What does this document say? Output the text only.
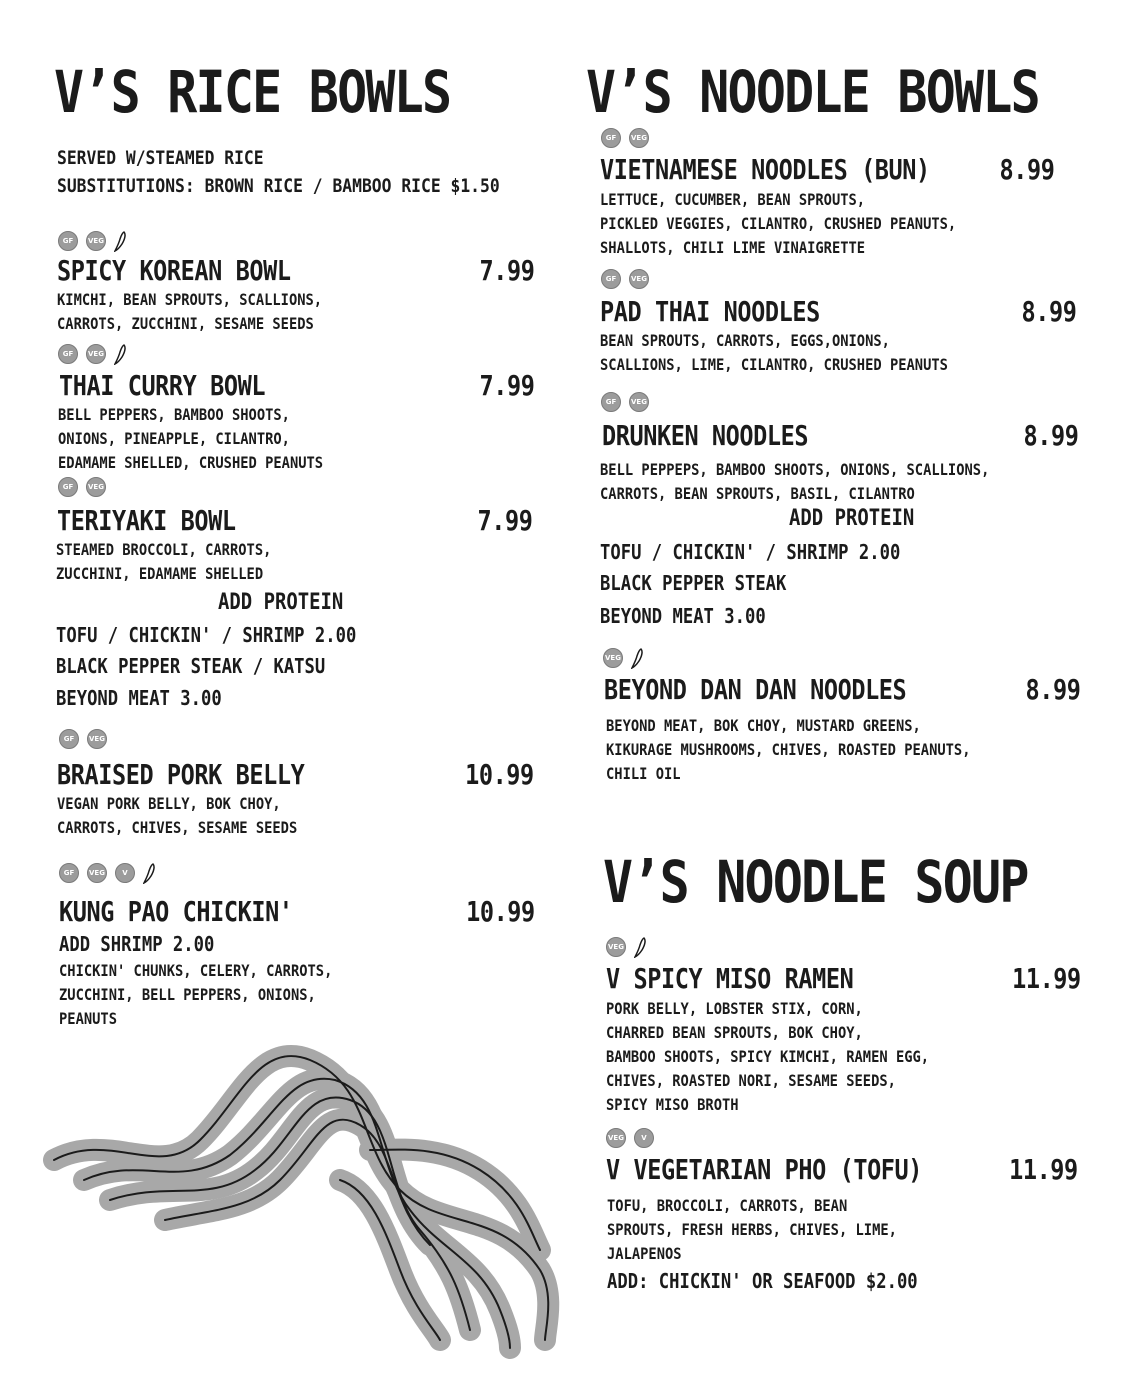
V’S RICE BOWLS
SERVED W/STEAMED RICE
SUBSTITUTIONS: BROWN RICE / BAMBOO RICE $1.50
GF	VEG
SPICY KOREAN BOWL	7.99
KIMCHI, BEAN SPROUTS, SCALLIONS,
CARROTS, ZUCCHINI, SESAME SEEDS
GF	VEG
THAI CURRY BOWL	7.99
BELL PEPPERS, BAMBOO SHOOTS,
ONIONS, PINEAPPLE, CILANTRO,
EDAMAME SHELLED, CRUSHED PEANUTS
GF	VEG
TERIYAKI BOWL	7.99
STEAMED BROCCOLI, CARROTS,
ZUCCHINI, EDAMAME SHELLED
ADD PROTEIN
TOFU / CHICKIN' / SHRIMP 2.00
BLACK PEPPER STEAK / KATSU
BEYOND MEAT 3.00
GF	VEG
BRAISED PORK BELLY	10.99
VEGAN PORK BELLY, BOK CHOY,
CARROTS, CHIVES, SESAME SEEDS
GF	VEG	V
KUNG PAO CHICKIN'	10.99
ADD SHRIMP 2.00
CHICKIN' CHUNKS, CELERY, CARROTS,
ZUCCHINI, BELL PEPPERS, ONIONS,
PEANUTS
V’S NOODLE BOWLS
GF	VEG
VIETNAMESE NOODLES (BUN) 8.99
LETTUCE, CUCUMBER, BEAN SPROUTS,
PICKLED VEGGIES, CILANTRO, CRUSHED PEANUTS,
SHALLOTS, CHILI LIME VINAIGRETTE
GF	VEG
PAD THAI NOODLES	8.99
BEAN SPROUTS, CARROTS, EGGS,ONIONS,
SCALLIONS, LIME, CILANTRO, CRUSHED PEANUTS
GF	VEG
DRUNKEN NOODLES	8.99
BELL PEPPEPS, BAMBOO SHOOTS, ONIONS, SCALLIONS,
CARROTS, BEAN SPROUTS, BASIL, CILANTRO
ADD PROTEIN
TOFU / CHICKIN' / SHRIMP 2.00
BLACK PEPPER STEAK
BEYOND MEAT 3.00
VEG
BEYOND DAN DAN NOODLES	8.99
BEYOND MEAT, BOK CHOY, MUSTARD GREENS,
KIKURAGE MUSHROOMS, CHIVES, ROASTED PEANUTS,
CHILI OIL
V’S NOODLE SOUP
VEG
V SPICY MISO RAMEN	11.99
PORK BELLY, LOBSTER STIX, CORN,
CHARRED BEAN SPROUTS, BOK CHOY,
BAMBOO SHOOTS, SPICY KIMCHI, RAMEN EGG,
CHIVES, ROASTED NORI, SESAME SEEDS,
SPICY MISO BROTH
VEG	V
V VEGETARIAN PHO (TOFU)	11.99
TOFU, BROCCOLI, CARROTS, BEAN
SPROUTS, FRESH HERBS, CHIVES, LIME,
JALAPENOS
ADD: CHICKIN' OR SEAFOOD $2.00
